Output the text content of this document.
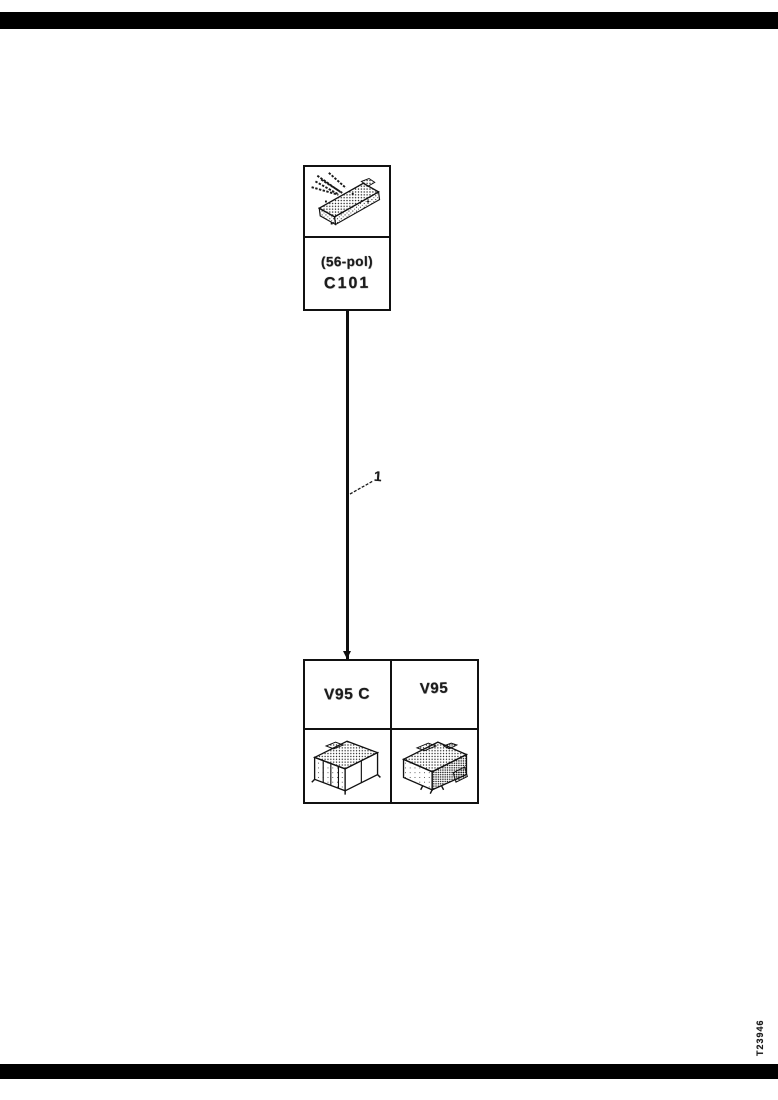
(56-pol)
C101
1
V95 C	V95
T23946
